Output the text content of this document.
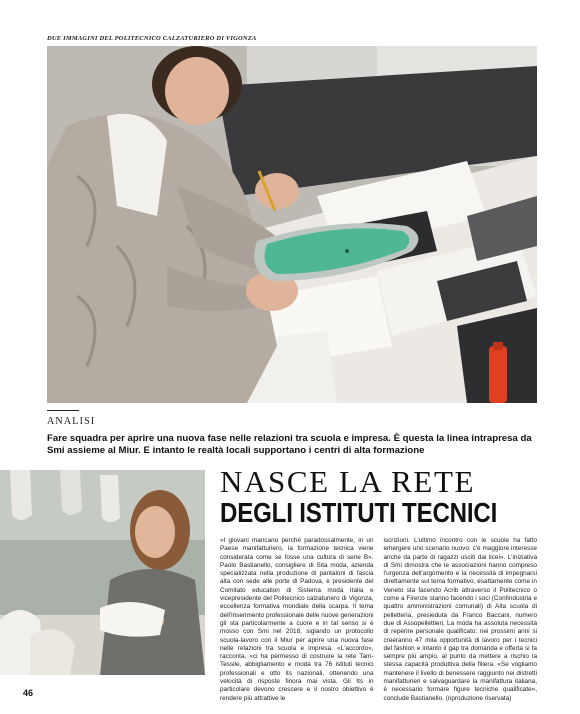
DUE IMMAGINI DEL POLITECNICO CALZATURIERO DI VIGONZA
ANALISI
Fare squadra per aprire una nuova fase nelle relazioni tra scuola e impresa. È questa la linea intrapresa da Smi assieme al Miur. E intanto le realtà locali supportano i centri di alta formazione
NASCE LA RETE
DEGLI ISTITUTI TECNICI

«I giovani mancano perché paradossalmente, in un Paese manifatturiero, la formazione tecnica viene considerata come se fosse una cultura di serie B». Paolo Bastianello, consigliere di Sita moda, azienda specializzata nella produzione di pantaloni di fascia alta con sede alle porte di Padova, è presidente del Comitato education di Sistema moda Italia e vicepresidente del Politecnico calzaturiero di Vigonza, eccellenza formativa mondiale della scarpa. Il tema dell'inserimento professionale delle nuove generazioni gli sta particolarmente a cuore e in tal senso si è mosso con Smi nel 2018, siglando un protocollo scuola-lavoro con il Miur per aprire una nuova fase nelle relazioni tra scuola e impresa. «L'accordo», racconta, «ci ha permesso di costruire la rete Tam-Tessile, abbigliamento e moda tra 76 istituti tecnici professionali e otto its nazionali, ottenendo una velocità di risposte finora mai vista. Gli Its in particolare devono crescere e il nostro obiettivo è rendere più attrattive le

iscrizioni. L'ultimo incontro con le scuole ha fatto emergere uno scenario nuovo: c'è maggiore interesse anche da parte di ragazzi usciti dai licei». L'iniziativa di Smi dimostra che le associazioni hanno compreso l'urgenza dell'argomento e la necessità di impegnarsi direttamente sul tema formativo, esattamente come in Veneto sta facendo Acrib attraverso il Politecnico o come a Firenze stanno facendo i soci (Confindustria e quattro amministrazioni comunali) di Alta scuola di pelletteria, presieduta da Franco Baccani, numero due di Assopellettieri. La moda ha assoluta necessità di reperire personale qualificato: nei prossimi anni si creeranno 47 mila opportunità di lavoro per i tecnici del fashion e intanto il gap tra domanda e offerta si fa sempre più ampio, al punto da mettere a rischio la stessa capacità produttiva della filiera. «Se vogliamo mantenere il livello di benessere raggiunto nei distretti manifatturieri e salvaguardare la manifattura italiana, è necessario formare figure tecniche qualificate», conclude Bastianello. (riproduzione riservata)

46
